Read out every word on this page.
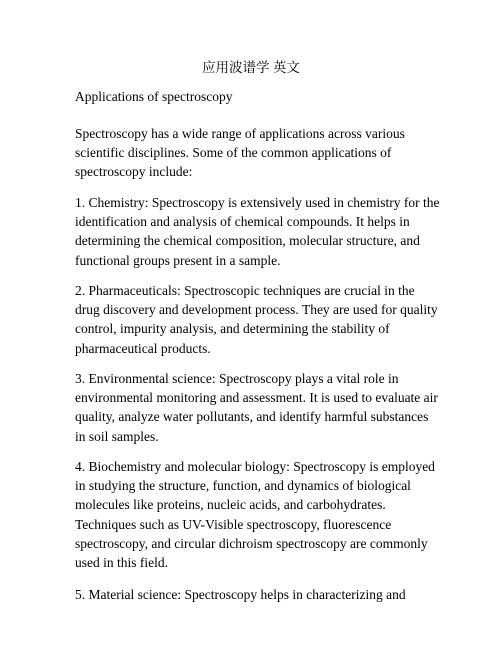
应用波谱学 英文
Applications of spectroscopy

Spectroscopy has a wide range of applications across various
scientific disciplines. Some of the common applications of
spectroscopy include:

1. Chemistry: Spectroscopy is extensively used in chemistry for the
identification and analysis of chemical compounds. It helps in
determining the chemical composition, molecular structure, and
functional groups present in a sample.

2. Pharmaceuticals: Spectroscopic techniques are crucial in the
drug discovery and development process. They are used for quality
control, impurity analysis, and determining the stability of
pharmaceutical products.

3. Environmental science: Spectroscopy plays a vital role in
environmental monitoring and assessment. It is used to evaluate air
quality, analyze water pollutants, and identify harmful substances
in soil samples.

4. Biochemistry and molecular biology: Spectroscopy is employed
in studying the structure, function, and dynamics of biological
molecules like proteins, nucleic acids, and carbohydrates.
Techniques such as UV-Visible spectroscopy, fluorescence
spectroscopy, and circular dichroism spectroscopy are commonly
used in this field.

5. Material science: Spectroscopy helps in characterizing and
